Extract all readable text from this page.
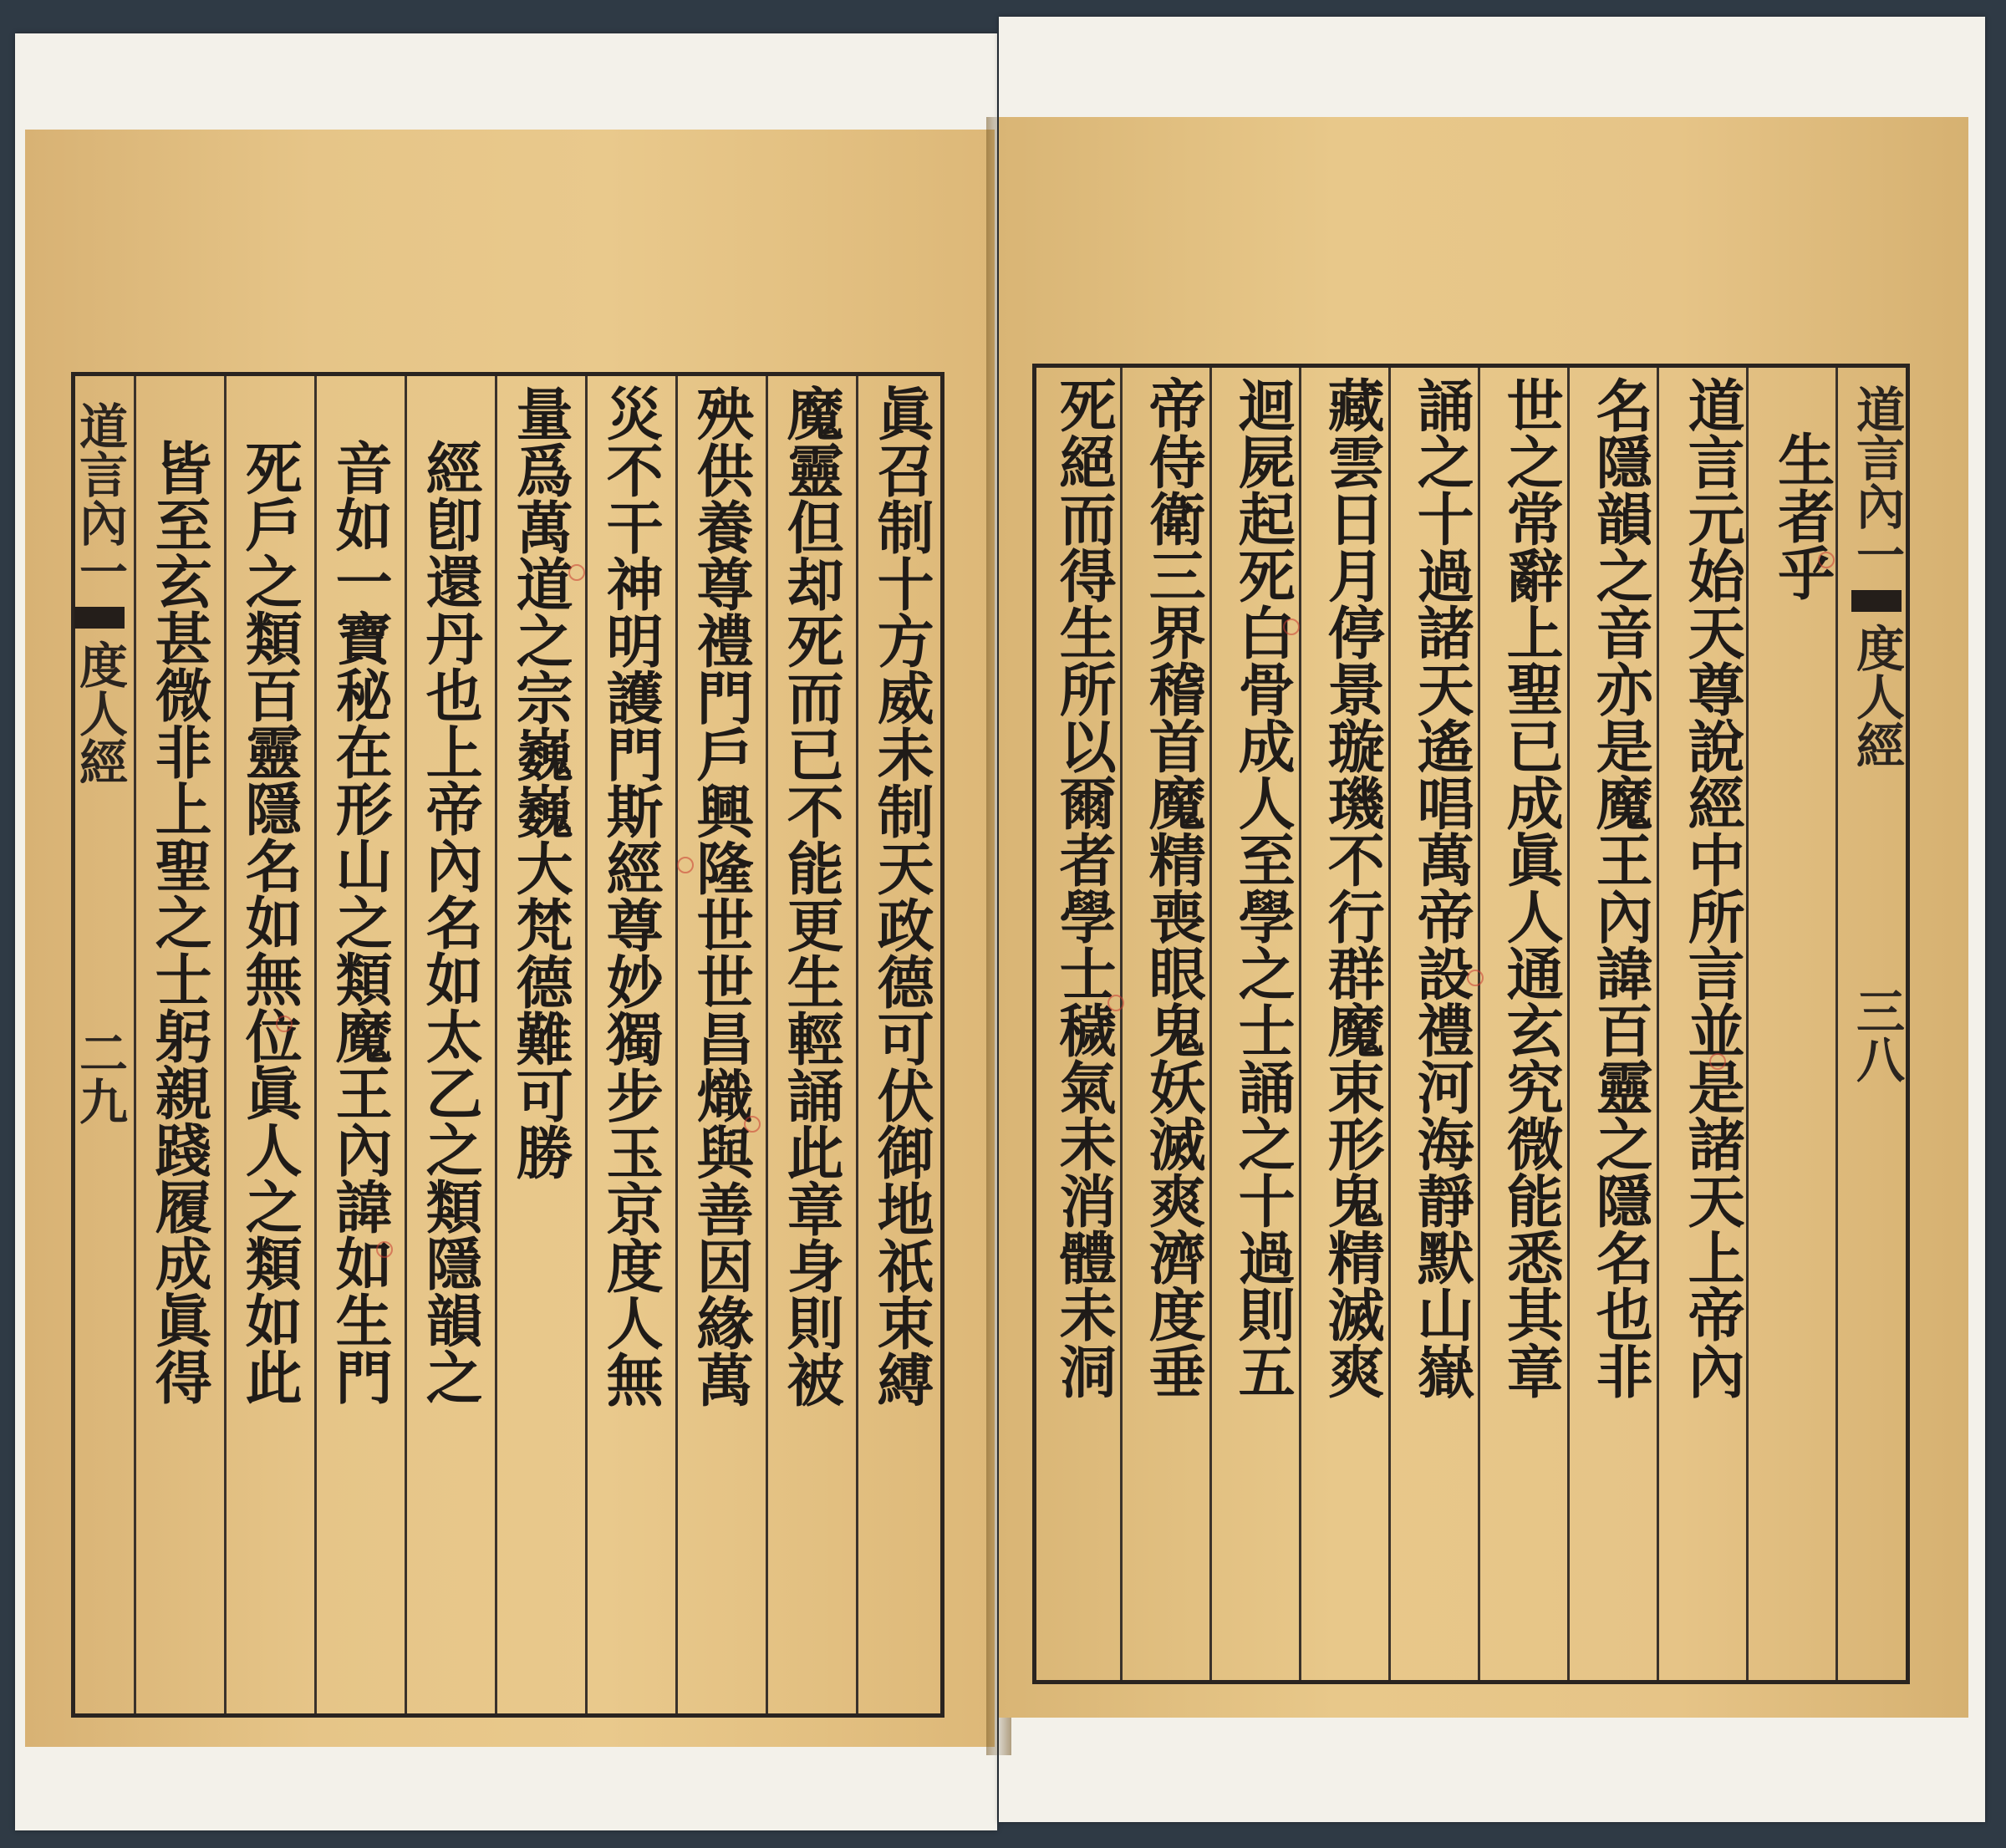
道言內一
度人經
二九	眞召制十方威未制天政德可伏御地祇束縛
魔靈但却死而已不能更生輕誦此章身則被
殃供養尊禮門戶興隆世世昌熾與善因緣萬
災不干神明護門斯經尊妙獨步玉京度人無
量爲萬道之宗巍巍大梵德難可勝
經卽還丹也上帝內名如太乙之類隱韻之
音如一寶秘在形山之類魔王內諱如生門
死戶之類百靈隱名如無位眞人之類如此
皆至玄甚微非上聖之士躬親踐履成眞得	生者乎
道言元始天尊說經中所言並是諸天上帝內
名隱韻之音亦是魔王內諱百靈之隱名也非
世之常辭上聖已成眞人通玄究微能悉其章
誦之十過諸天遙唱萬帝設禮河海靜默山嶽
藏雲日月停景璇璣不行群魔束形鬼精滅爽
迴屍起死白骨成人至學之士誦之十過則五
帝侍衛三界稽首魔精喪眼鬼妖滅爽濟度垂
死絕而得生所以爾者學士穢氣未消體未洞	道言內一
度人經
三八
